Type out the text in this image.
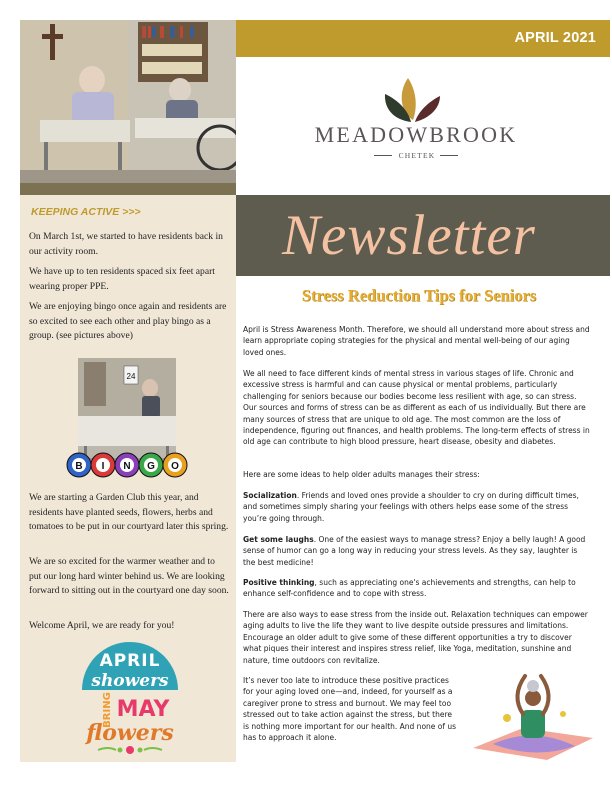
APRIL 2021
MEADOWBROOK
CHETEK
KEEPING ACTIVE >>>

On March 1st, we started to have residents back in our activity room.

We have up to ten residents spaced six feet apart wearing proper PPE.

We are enjoying bingo once again and residents are so excited to see each other and play bingo as a group. (see pictures above)

24
B I N G O

We are starting a Garden Club this year, and residents have planted seeds, flowers, herbs and tomatoes to be put in our courtyard later this spring.

We are so excited for the warmer weather and to put our long hard winter behind us. We are looking forward to sitting out in the courtyard one day soon.

Welcome April, we are ready for you!

APRIL
showers
BRING MAY
flowers
Newsletter
Stress Reduction Tips for Seniors

April is Stress Awareness Month. Therefore, we should all understand more about stress and learn appropriate coping strategies for the physical and mental well-being of our aging loved ones.

We all need to face different kinds of mental stress in various stages of life. Chronic and excessive stress is harmful and can cause physical or mental problems, particularly challenging for seniors because our bodies become less resilient with age, so can stress. Our sources and forms of stress can be as different as each of us individually. But there are many sources of stress that are unique to old age. The most common are the loss of independence, figuring out finances, and health problems. The long-term effects of stress in old age can contribute to high blood pressure, heart disease, obesity and diabetes.

Here are some ideas to help older adults manages their stress:

Socialization. Friends and loved ones provide a shoulder to cry on during difficult times, and sometimes simply sharing your feelings with others helps ease some of the stress you’re going through.

Get some laughs. One of the easiest ways to manage stress? Enjoy a belly laugh! A good sense of humor can go a long way in reducing your stress levels. As they say, laughter is the best medicine!

Positive thinking, such as appreciating one's achievements and strengths, can help to enhance self-confidence and to cope with stress.

There are also ways to ease stress from the inside out. Relaxation techniques can empower aging adults to live the life they want to live despite outside pressures and limitations. Encourage an older adult to give some of these different opportunities a try to discover what piques their interest and inspires stress relief, like Yoga, meditation, sunshine and nature, time outdoors con revitalize.

It’s never too late to introduce these positive practices for your aging loved one—and, indeed, for yourself as a caregiver prone to stress and burnout. We may feel too stressed out to take action against the stress, but there is nothing more important for our health. And none of us has to approach it alone.
